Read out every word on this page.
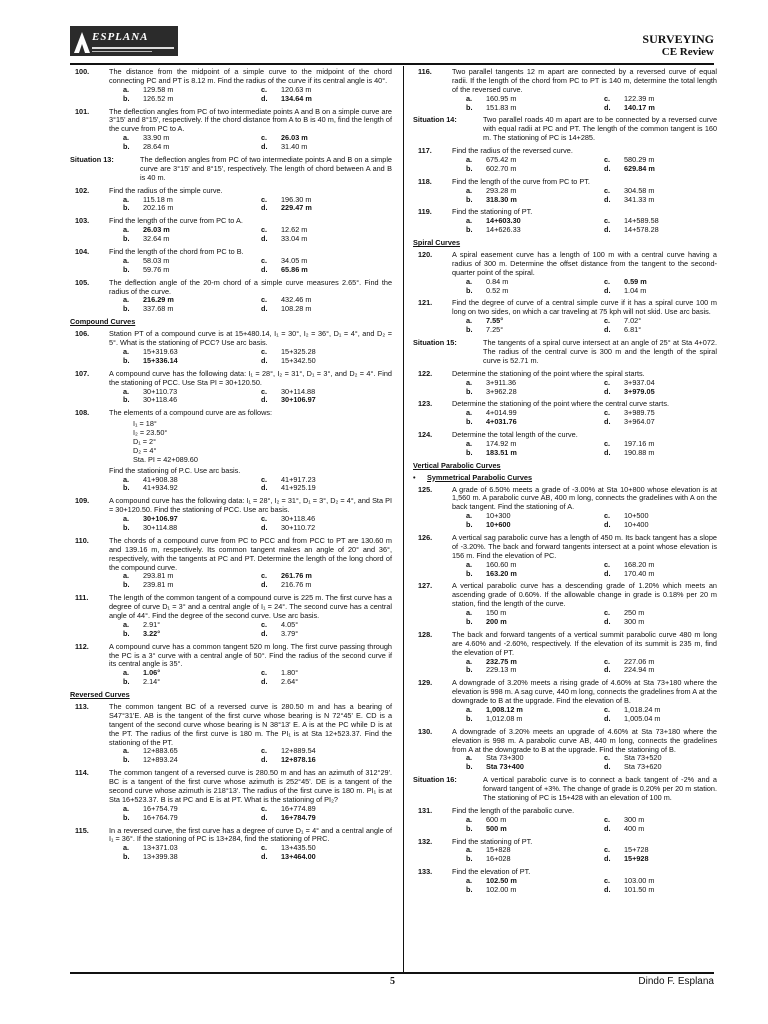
ESPLANA	SURVEYING
CE Review
100.	The distance from the midpoint of a simple curve to the midpoint of the chord connecting PC and PT is 8.12 m. Find the radius of the curve if its central angle is 40°.
a.	129.58 m	c.	120.63 m
b.	126.52 m	d.	134.64 m
101.	The deflection angles from PC of two intermediate points A and B on a simple curve are 3°15' and 8°15', respectively. If the chord distance from A to B is 40 m, find the length of the curve from PC to A.
a.	33.90 m	c.	26.03 m
b.	28.64 m	d.	31.40 m
Situation 13:	The deflection angles from PC of two intermediate points A and B on a simple curve are 3°15' and 8°15', respectively. The length of chord between A and B is 40 m.
102.	Find the radius of the simple curve.
a.	115.18 m	c.	196.30 m
b.	202.16 m	d.	229.47 m
103.	Find the length of the curve from PC to A.
a.	26.03 m	c.	12.62 m
b.	32.64 m	d.	33.04 m
104.	Find the length of the chord from PC to B.
a.	58.03 m	c.	34.05 m
b.	59.76 m	d.	65.86 m
105.	The deflection angle of the 20-m chord of a simple curve measures 2.65°. Find the radius of the curve.
a.	216.29 m	c.	432.46 m
b.	337.68 m	d.	108.28 m
Compound Curves
106.	Station PT of a compound curve is at 15+480.14, I₁ = 30°, I₂ = 36°, D₁ = 4°, and D₂ = 5°. What is the stationing of PCC? Use arc basis.
a.	15+319.63	c.	15+325.28
b.	15+336.14	d.	15+342.50
107.	A compound curve has the following data: I₁ = 28°, I₂ = 31°, D₁ = 3°, and D₂ = 4°. Find the stationing of PCC. Use Sta PI = 30+120.50.
a.	30+110.73	c.	30+114.88
b.	30+118.46	d.	30+106.97
108.	The elements of a compound curve are as follows:
I₁ = 18°
I₂ = 23.50°
D₁ = 2°
D₂ = 4°
Sta. PI = 42+089.60
Find the stationing of P.C. Use arc basis.
a.	41+908.38	c.	41+917.23
b.	41+934.92	d.	41+925.19
109.	A compound curve has the following data: I₁ = 28°, I₂ = 31°, D₁ = 3°, D₂ = 4°, and Sta PI = 30+120.50. Find the stationing of PCC. Use arc basis.
a.	30+106.97	c.	30+118.46
b.	30+114.88	d.	30+110.72
110.	The chords of a compound curve from PC to PCC and from PCC to PT are 130.60 m and 139.16 m, respectively. Its common tangent makes an angle of 20° and 36°, respectively, with the tangents at PC and PT. Determine the length of the long chord of the compound curve.
a.	293.81 m	c.	261.76 m
b.	239.81 m	d.	216.76 m
111.	The length of the common tangent of a compound curve is 225 m. The first curve has a degree of curve D₁ = 3° and a central angle of I₁ = 24°. The second curve has a central angle of 44°. Find the degree of the second curve. Use arc basis.
a.	2.91°	c.	4.05°
b.	3.22°	d.	3.79°
112.	A compound curve has a common tangent 520 m long. The first curve passing through the PC is a 3° curve with a central angle of 50°. Find the radius of the second curve if its central angle is 35°.
a.	1.06°	c.	1.80°
b.	2.14°	d.	2.64°
Reversed Curves
113.	The common tangent BC of a reversed curve is 280.50 m and has a bearing of S47°31'E. AB is the tangent of the first curve whose bearing is N 72°45' E. CD is a tangent of the second curve whose bearing is N 38°13' E. A is at the PC while D is at the PT. The radius of the first curve is 180 m. The PI₁ is at Sta 12+523.37. Find the stationing of the PT.
a.	12+883.65	c.	12+889.54
b.	12+893.24	d.	12+878.16
114.	The common tangent of a reversed curve is 280.50 m and has an azimuth of 312°29'. BC is a tangent of the first curve whose azimuth is 252°45'. DE is a tangent of the second curve whose azimuth is 218°13'. The radius of the first curve is 180 m. PI₁ is at Sta 16+523.37. B is at PC and E is at PT. What is the stationing of PI₂?
a.	16+754.79	c.	16+774.89
b.	16+764.79	d.	16+784.79
115.	In a reversed curve, the first curve has a degree of curve D₁ = 4° and a central angle of I₁ = 36°. If the stationing of PC is 13+284, find the stationing of PRC.
a.	13+371.03	c.	13+435.50
b.	13+399.38	d.	13+464.00
116.	Two parallel tangents 12 m apart are connected by a reversed curve of equal radii. If the length of the chord from PC to PT is 140 m, determine the total length of the reversed curve.
a.	160.95 m	c.	122.39 m
b.	151.83 m	d.	140.17 m
Situation 14:	Two parallel roads 40 m apart are to be connected by a reversed curve with equal radii at PC and PT. The length of the common tangent is 160 m. The stationing of PC is 14+285.
117.	Find the radius of the reversed curve.
a.	675.42 m	c.	580.29 m
b.	602.70 m	d.	629.84 m
118.	Find the length of the curve from PC to PT.
a.	293.28 m	c.	304.58 m
b.	318.30 m	d.	341.33 m
119.	Find the stationing of PT.
a.	14+603.30	c.	14+589.58
b.	14+626.33	d.	14+578.28
Spiral Curves
120.	A spiral easement curve has a length of 100 m with a central curve having a radius of 300 m. Determine the offset distance from the tangent to the second-quarter point of the spiral.
a.	0.84 m	c.	0.59 m
b.	0.52 m	d.	1.04 m
121.	Find the degree of curve of a central simple curve if it has a spiral curve 100 m long on two sides, on which a car traveling at 75 kph will not skid. Use arc basis.
a.	7.55°	c.	7.02°
b.	7.25°	d.	6.81°
Situation 15:	The tangents of a spiral curve intersect at an angle of 25° at Sta 4+072. The radius of the central curve is 300 m and the length of the spiral curve is 52.71 m.
122.	Determine the stationing of the point where the spiral starts.
a.	3+911.36	c.	3+937.04
b.	3+962.28	d.	3+979.05
123.	Determine the stationing of the point where the central curve starts.
a.	4+014.99	c.	3+989.75
b.	4+031.76	d.	3+964.07
124.	Determine the total length of the curve.
a.	174.92 m	c.	197.16 m
b.	183.51 m	d.	190.88 m
Vertical Parabolic Curves
• Symmetrical Parabolic Curves
125.	A grade of 6.50% meets a grade of -3.00% at Sta 10+800 whose elevation is at 1,560 m. A parabolic curve AB, 400 m long, connects the gradelines with A on the back tangent. Find the stationing of A.
a.	10+300	c.	10+500
b.	10+600	d.	10+400
126.	A vertical sag parabolic curve has a length of 450 m. Its back tangent has a slope of -3.20%. The back and forward tangents intersect at a point whose elevation is 156 m. Find the elevation of PC.
a.	160.60 m	c.	168.20 m
b.	163.20 m	d.	170.40 m
127.	A vertical parabolic curve has a descending grade of 1.20% which meets an ascending grade of 0.60%. If the allowable change in grade is 0.18% per 20 m station, find the length of the curve.
a.	150 m	c.	250 m
b.	200 m	d.	300 m
128.	The back and forward tangents of a vertical summit parabolic curve 480 m long are 4.60% and -2.60%, respectively. If the elevation of its summit is 235 m, find the elevation of PT.
a.	232.75 m	c.	227.06 m
b.	229.13 m	d.	224.94 m
129.	A downgrade of 3.20% meets a rising grade of 4.60% at Sta 73+180 where the elevation is 998 m. A sag curve, 440 m long, connects the gradelines from A at the downgrade to B at the upgrade. Find the elevation of B.
a.	1,008.12 m	c.	1,018.24 m
b.	1,012.08 m	d.	1,005.04 m
130.	A downgrade of 3.20% meets an upgrade of 4.60% at Sta 73+180 where the elevation is 998 m. A parabolic curve AB, 440 m long, connects the gradelines from A at the downgrade to B at the upgrade. Find the stationing of B.
a.	Sta 73+300	c.	Sta 73+520
b.	Sta 73+400	d.	Sta 73+620
Situation 16:	A vertical parabolic curve is to connect a back tangent of -2% and a forward tangent of +3%. The change of grade is 0.20% per 20 m station. The stationing of PC is 15+428 with an elevation of 100 m.
131.	Find the length of the parabolic curve.
a.	600 m	c.	300 m
b.	500 m	d.	400 m
132.	Find the stationing of PT.
a.	15+828	c.	15+728
b.	16+028	d.	15+928
133.	Find the elevation of PT.
a.	102.50 m	c.	103.00 m
b.	102.00 m	d.	101.50 m
5	Dindo F. Esplana
